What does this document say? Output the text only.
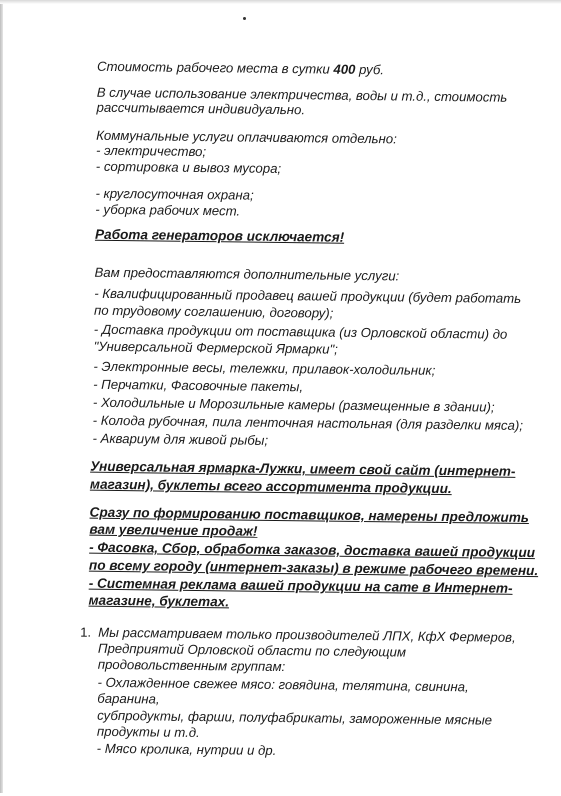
Стоимость рабочего места в сутки 400 руб.
В случае использование электричества, воды и т.д., стоимость
рассчитывается индивидуально.
Коммунальные услуги оплачиваются отдельно:
- электричество;
- сортировка и вывоз мусора;
- круглосуточная охрана;
- уборка рабочих мест.
Работа генераторов исключается!
Вам предоставляются дополнительные услуги:
- Квалифицированный продавец вашей продукции (будет работать
по трудовому соглашению, договору);
- Доставка продукции от поставщика (из Орловской области) до
"Универсальной Фермерской Ярмарки";
- Электронные весы, тележки, прилавок-холодильник;
- Перчатки, Фасовочные пакеты,
- Холодильные и Морозильные камеры (размещенные в здании);
- Колода рубочная, пила ленточная настольная (для разделки мяса);
- Аквариум для живой рыбы;
Универсальная ярмарка-Лужки, имеет свой сайт (интернет-
магазин), буклеты всего ассортимента продукции.
Сразу по формированию поставщиков, намерены предложить
вам увеличение продаж!
- Фасовка, Сбор, обработка заказов, доставка вашей продукции
по всему городу (интернет-заказы) в режиме рабочего времени.
- Системная реклама вашей продукции на сате в Интернет-
магазине, буклетах.
1. Мы рассматриваем только производителей ЛПХ, КфХ Фермеров,
Предприятий Орловской области по следующим
продовольственным группам:
- Охлажденное свежее мясо: говядина, телятина, свинина,
баранина,
субпродукты, фарши, полуфабрикаты, замороженные мясные
продукты и т.д.
- Мясо кролика, нутрии и др.
